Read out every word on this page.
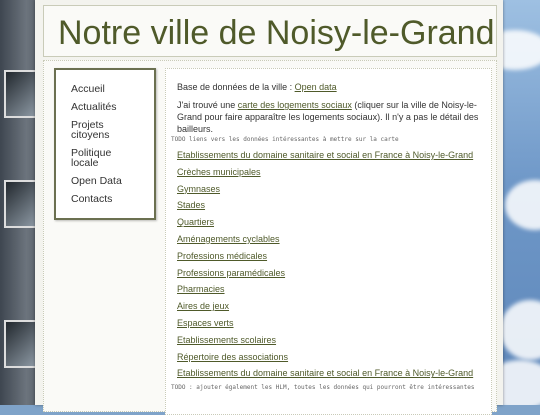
Notre ville de Noisy-le-Grand
Accueil
Actualités
Projets citoyens
Politique locale
Open Data
Contacts

Base de données de la ville : Open data

J'ai trouvé une carte des logements sociaux (cliquer sur la ville de Noisy-le-Grand pour faire apparaître les logements sociaux). Il n'y a pas le détail des bailleurs.

TODO liens vers les données intéressantes à mettre sur la carte
Etablissements du domaine sanitaire et social en France à Noisy-le-Grand
Crèches municipales
Gymnases
Stades
Quartiers
Aménagements cyclables
Professions médicales
Professions paramédicales
Pharmacies
Aires de jeux
Espaces verts
Etablissements scolaires
Répertoire des associations
Etablissements du domaine sanitaire et social en France à Noisy-le-Grand
TODO : ajouter également les HLM, toutes les données qui pourront être intéressantes
